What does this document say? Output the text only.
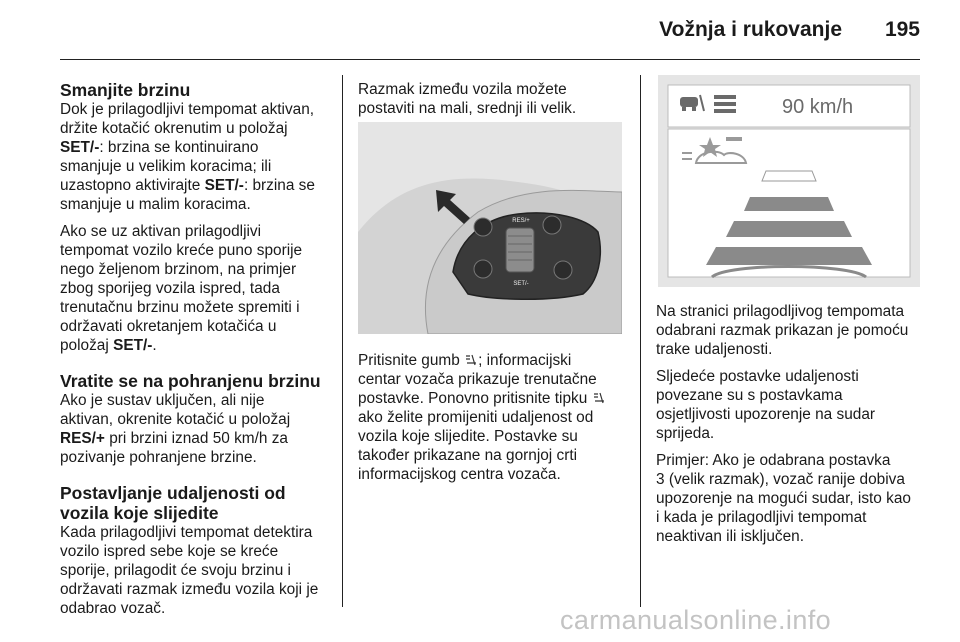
Vožnja i rukovanje 195
Smanjite brzinu

Dok je prilagodljivi tempomat aktivan,
držite kotačić okrenutim u položaj
SET/-: brzina se kontinuirano
smanjuje u velikim koracima; ili
uzastopno aktivirajte SET/-: brzina se
smanjuje u malim koracima.

Ako se uz aktivan prilagodljivi
tempomat vozilo kreće puno sporije
nego željenom brzinom, na primjer
zbog sporijeg vozila ispred, tada
trenutačnu brzinu možete spremiti i
održavati okretanjem kotačića u
položaj SET/-.

Vratite se na pohranjenu brzinu

Ako je sustav uključen, ali nije
aktivan, okrenite kotačić u položaj
RES/+ pri brzini iznad 50 km/h za
pozivanje pohranjene brzine.

Postavljanje udaljenosti od
vozila koje slijedite

Kada prilagodljivi tempomat detektira
vozilo ispred sebe koje se kreće
sporije, prilagodit će svoju brzinu i
održavati razmak između vozila koji je
odabrao vozač.

Razmak između vozila možete
postaviti na mali, srednji ili velik.

RES/+
SET/-

Pritisnite gumb ; informacijski
centar vozača prikazuje trenutačne
postavke. Ponovno pritisnite tipku
ako želite promijeniti udaljenost od
vozila koje slijedite. Postavke su
također prikazane na gornjoj crti
informacijskog centra vozača.

90 km/h

Na stranici prilagodljivog tempomata
odabrani razmak prikazan je pomoću
trake udaljenosti.

Sljedeće postavke udaljenosti
povezane su s postavkama
osjetljivosti upozorenje na sudar
sprijeda.

Primjer: Ako je odabrana postavka
3 (velik razmak), vozač ranije dobiva
upozorenje na mogući sudar, isto kao
i kada je prilagodljivi tempomat
neaktivan ili isključen.

carmanualsonline.info
